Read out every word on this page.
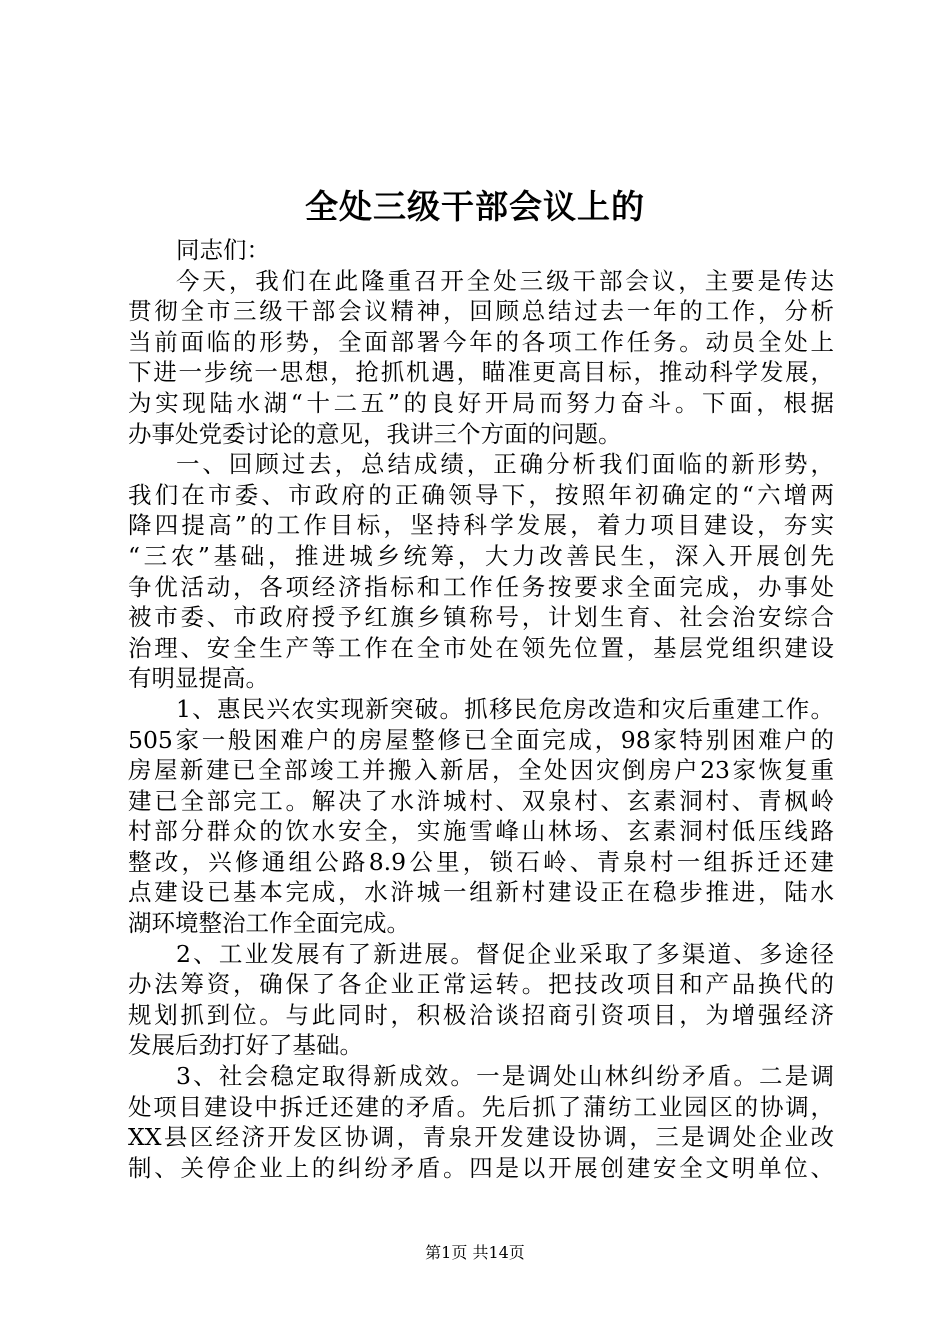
全处三级干部会议上的
同志们：
今天，我们在此隆重召开全处三级干部会议，主要是传达
贯彻全市三级干部会议精神，回顾总结过去一年的工作，分析
当前面临的形势，全面部署今年的各项工作任务。动员全处上
下进一步统一思想，抢抓机遇，瞄准更高目标，推动科学发展，
为实现陆水湖“十二五”的良好开局而努力奋斗。下面，根据
办事处党委讨论的意见，我讲三个方面的问题。
一、回顾过去，总结成绩，正确分析我们面临的新形势，
我们在市委、市政府的正确领导下，按照年初确定的“六增两
降四提高”的工作目标，坚持科学发展，着力项目建设，夯实
“三农”基础，推进城乡统筹，大力改善民生，深入开展创先
争优活动，各项经济指标和工作任务按要求全面完成，办事处
被市委、市政府授予红旗乡镇称号，计划生育、社会治安综合
治理、安全生产等工作在全市处在领先位置，基层党组织建设
有明显提高。
1、惠民兴农实现新突破。抓移民危房改造和灾后重建工作。
505家一般困难户的房屋整修已全面完成，98家特别困难户的
房屋新建已全部竣工并搬入新居，全处因灾倒房户23家恢复重
建已全部完工。解决了水浒城村、双泉村、玄素洞村、青枫岭
村部分群众的饮水安全，实施雪峰山林场、玄素洞村低压线路
整改，兴修通组公路8.9公里，锁石岭、青泉村一组拆迁还建
点建设已基本完成，水浒城一组新村建设正在稳步推进，陆水
湖环境整治工作全面完成。
2、工业发展有了新进展。督促企业采取了多渠道、多途径
办法筹资，确保了各企业正常运转。把技改项目和产品换代的
规划抓到位。与此同时，积极洽谈招商引资项目，为增强经济
发展后劲打好了基础。
3、社会稳定取得新成效。一是调处山林纠纷矛盾。二是调
处项目建设中拆迁还建的矛盾。先后抓了蒲纺工业园区的协调，
XX县区经济开发区协调，青泉开发建设协调，三是调处企业改
制、关停企业上的纠纷矛盾。四是以开展创建安全文明单位、
第1页 共14页
